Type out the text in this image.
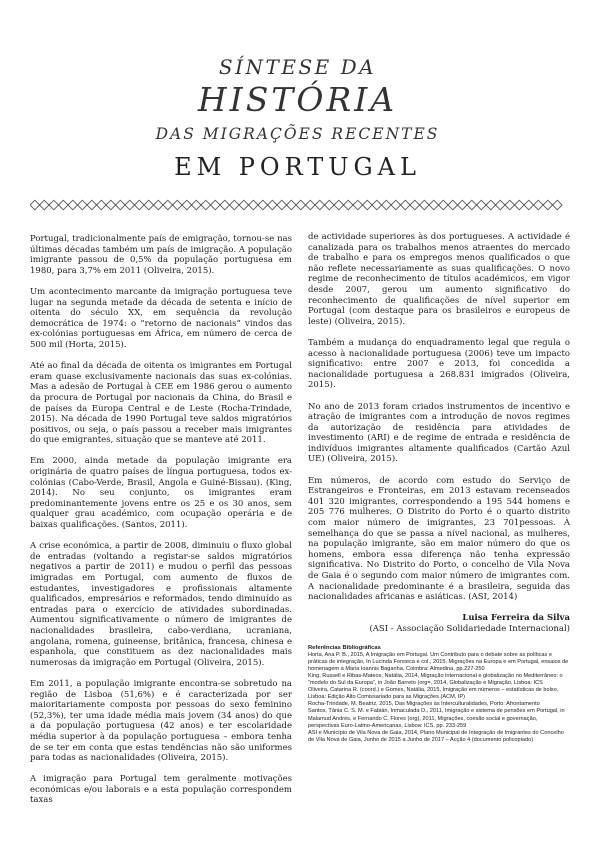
SÍNTESE DA
HISTÓRIA
DAS MIGRAÇÕES RECENTES
EM PORTUGAL

Portugal, tradicionalmente país de emigração, tornou-se nas últimas décadas também um país de imigração. A população imigrante passou de 0,5% da população portuguesa em 1980, para 3,7% em 2011 (Oliveira, 2015).

Um acontecimento marcante da imigração portuguesa teve lugar na segunda metade da década de setenta e início de oitenta do século XX, em sequência da revolução democrática de 1974: o “retorno de nacionais” vindos das ex-colónias portuguesas em África, em número de cerca de 500 mil (Horta, 2015).

Até ao final da década de oitenta os imigrantes em Portugal eram quase exclusivamente nacionais das suas ex-colónias. Mas a adesão de Portugal à CEE em 1986 gerou o aumento da procura de Portugal por nacionais da China, do Brasil e de países da Europa Central e de Leste (Rocha-Trindade, 2015). Na década de 1990 Portugal teve saldos migratórios positivos, ou seja, o país passou a receber mais imigrantes do que emigrantes, situação que se manteve até 2011.

Em 2000, ainda metade da população imigrante era originária de quatro países de língua portuguesa, todos ex-colónias (Cabo-Verde, Brasil, Angola e Guiné-Bissau). (King, 2014). No seu conjunto, os imigrantes eram predominantemente jovens entre os 25 e os 30 anos, sem qualquer grau académico, com ocupação operária e de baixas qualificações. (Santos, 2011).

A crise económica, a partir de 2008, diminuiu o fluxo global de entradas (voltando a registar-se saldos migratórios negativos a partir de 2011) e mudou o perfil das pessoas imigradas em Portugal, com aumento de fluxos de estudantes, investigadores e profissionais altamente qualificados, empresários e reformados, tendo diminuído as entradas para o exercício de atividades subordinadas. Aumentou significativamente o número de imigrantes de nacionalidades brasileira, cabo-verdiana, ucraniana, angolana, romena, guineense, britânica, francesa, chinesa e espanhola, que constituem as dez nacionalidades mais numerosas da imigração em Portugal (Oliveira, 2015).

Em 2011, a população imigrante encontra-se sobretudo na região de Lisboa (51,6%) e é caracterizada por ser maioritariamente composta por pessoas do sexo feminino (52,3%), ter uma idade média mais jovem (34 anos) do que a da população portuguesa (42 anos) e ter escolaridade média superior à da população portuguesa – embora tenha de se ter em conta que estas tendências não são uniformes para todas as nacionalidades (Oliveira, 2015).

A imigração para Portugal tem geralmente motivações económicas e/ou laborais e a esta população correspondem taxas

de actividade superiores às dos portugueses. A actividade é canalizada para os trabalhos menos atraentes do mercado de trabalho e para os empregos menos qualificados o que não reflete necessariamente as suas qualificações. O novo regime de reconhecimento de títulos académicos, em vigor desde 2007, gerou um aumento significativo do reconhecimento de qualificações de nível superior em Portugal (com destaque para os brasileiros e europeus de leste) (Oliveira, 2015).

Também a mudança do enquadramento legal que regula o acesso à nacionalidade portuguesa (2006) teve um impacto significativo: entre 2007 e 2013, foi concedida a nacionalidade portuguesa a 268.831 imigrados (Oliveira, 2015).

No ano de 2013 foram criados instrumentos de incentivo e atração de imigrantes com a introdução de novos regimes da autorização de residência para atividades de investimento (ARI) e de regime de entrada e residência de indivíduos imigrantes altamente qualificados (Cartão Azul UE) (Oliveira, 2015).

Em números, de acordo com estudo do Serviço de Estrangeiros e Fronteiras, em 2013 estavam recenseados 401 320 imigrantes, correspondendo a 195 544 homens e 205 776 mulheres. O Distrito do Porto é o quarto distrito com maior número de imigrantes, 23 701pessoas. À semelhança do que se passa a nível nacional, as mulheres, na população imigrante, são em maior número do que os homens, embora essa diferença não tenha expressão significativa. No Distrito do Porto, o concelho de Vila Nova de Gaia é o segundo com maior número de imigrantes com. A nacionalidade predominante é a brasileira, seguida das nacionalidades africanas e asiáticas. (ASI, 2014)

Luisa Ferreira da Silva
(ASI - Associação Solidariedade Internacional)
Referências Bibliográficas
Horta, Ana P. B., 2015, A Imigração em Portugal. Um Contributo para o debate sobre as políticas e práticas de integração, In Lucinda Fonseca e col., 2015, Migrações na Europa e em Portugal, ensaios de homenagem a Maria Ioannis Baganha, Coimbra: Almedina, pp.227-250
King, Russell e Ribas-Mateos, Natália, 2014, Migração internacional e globalização no Mediterrâneo: o “modelo do Sul da Europa”, in João Barreto (org=, 2014, Globalização e Migração, Lisboa: ICS
Oliveira, Catarina R. (coord.) e Gomes, Natália, 2015, Imigração em números – estatísticas de bolso, Lisboa: Edição Alto Comissariado para as Migrações (ACM, IP)
Rocha-Trindade, M. Beatriz, 2015, Das Migrações às Interculturalidades, Porto: Afrontamento
Santos, Tânia C. S. M. e Fabián, Inmaculada D., 2011, Imigração e sistema de pensões em Portugal, in Malamud Andrés, e Fernando C. Flores (org), 2011, Migrações, coesão social e governação, perspectivas Euro-Latino-Americanas, Lisboa: ICS, pp. 233-259
ASI e Município de Vila Nova de Gaia, 2014, Plano Municipal de Integração de Imigrantes do Concelho de Vila Nova de Gaia, Junho de 2015 a Junho de 2017 – Acção 4 (documento policopiado)
